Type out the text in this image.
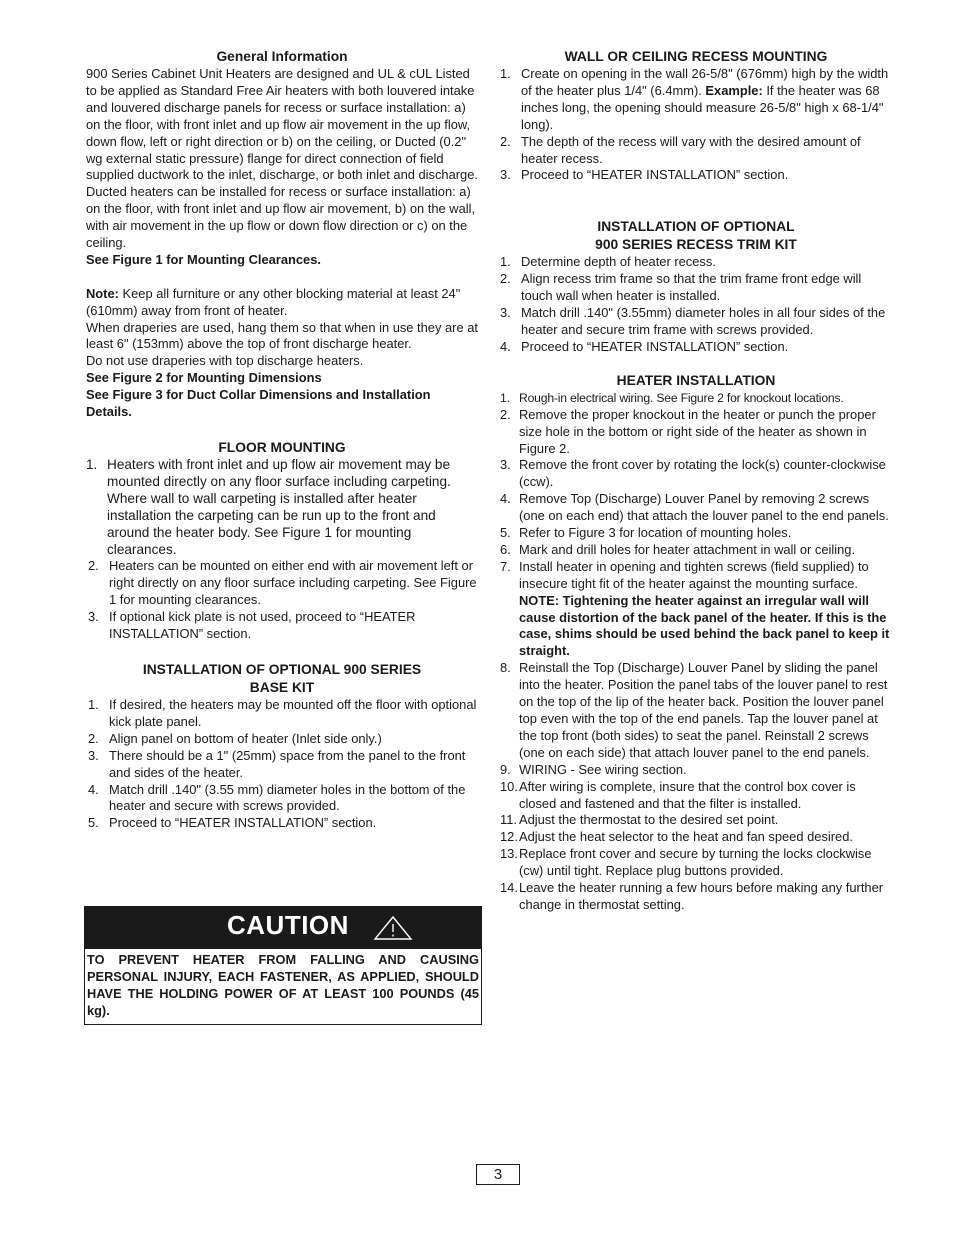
General Information

900 Series Cabinet Unit Heaters are designed and UL & cUL Listed to be applied as Standard Free Air heaters with both louvered intake and louvered discharge panels for recess or surface installation: a) on the floor, with front inlet and up flow air movement in the up flow, down flow, left or right direction or b) on the ceiling, or Ducted (0.2" wg external static pressure) flange for direct connection of field supplied ductwork to the inlet, discharge, or both inlet and discharge. Ducted heaters can be installed for recess or surface installation: a) on the floor, with front inlet and up flow air movement, b) on the wall, with air movement in the up flow or down flow direction or c) on the ceiling.

See Figure 1 for Mounting Clearances.

Note: Keep all furniture or any other blocking material at least 24" (610mm) away from front of heater.

When draperies are used, hang them so that when in use they are at least 6" (153mm) above the top of front discharge heater.

Do not use draperies with top discharge heaters.

See Figure 2 for Mounting Dimensions

See Figure 3 for Duct Collar Dimensions and Installation Details.

FLOOR MOUNTING
1. Heaters with front inlet and up flow air movement may be mounted directly on any floor surface including carpeting. Where wall to wall carpeting is installed after heater installation the carpeting can be run up to the front and around the heater body. See Figure 1 for mounting clearances.
2. Heaters can be mounted on either end with air movement left or right directly on any floor surface including carpeting. See Figure 1 for mounting clearances.
3. If optional kick plate is not used, proceed to “HEATER INSTALLATION” section.
INSTALLATION OF OPTIONAL 900 SERIES
BASE KIT
1. If desired, the heaters may be mounted off the floor with optional kick plate panel.
2. Align panel on bottom of heater (Inlet side only.)
3. There should be a 1" (25mm) space from the panel to the front and sides of the heater.
4. Match drill .140" (3.55 mm) diameter holes in the bottom of the heater and secure with screws provided.
5. Proceed to “HEATER INSTALLATION” section.
CAUTION
TO PREVENT HEATER FROM FALLING AND CAUSING PERSONAL INJURY, EACH FASTENER, AS APPLIED, SHOULD HAVE THE HOLDING POWER OF AT LEAST 100 POUNDS (45 kg).
WALL OR CEILING RECESS MOUNTING
1. Create on opening in the wall 26-5/8" (676mm) high by the width of the heater plus 1/4" (6.4mm). Example: If the heater was 68 inches long, the opening should measure 26-5/8" high x 68-1/4" long).
2. The depth of the recess will vary with the desired amount of heater recess.
3. Proceed to “HEATER INSTALLATION” section.
INSTALLATION OF OPTIONAL
900 SERIES RECESS TRIM KIT
1. Determine depth of heater recess.
2. Align recess trim frame so that the trim frame front edge will touch wall when heater is installed.
3. Match drill .140" (3.55mm) diameter holes in all four sides of the heater and secure trim frame with screws provided.
4. Proceed to “HEATER INSTALLATION” section.
HEATER INSTALLATION
1. Rough-in electrical wiring. See Figure 2 for knockout locations.
2. Remove the proper knockout in the heater or punch the proper size hole in the bottom or right side of the heater as shown in Figure 2.
3. Remove the front cover by rotating the lock(s) counter-clockwise (ccw).
4. Remove Top (Discharge) Louver Panel by removing 2 screws (one on each end) that attach the louver panel to the end panels.
5. Refer to Figure 3 for location of mounting holes.
6. Mark and drill holes for heater attachment in wall or ceiling.
7. Install heater in opening and tighten screws (field supplied) to insecure tight fit of the heater against the mounting surface.
NOTE: Tightening the heater against an irregular wall will cause distortion of the back panel of the heater. If this is the case, shims should be used behind the back panel to keep it straight.
8. Reinstall the Top (Discharge) Louver Panel by sliding the panel into the heater. Position the panel tabs of the louver panel to rest on the top of the lip of the heater back. Position the louver panel top even with the top of the end panels. Tap the louver panel at the top front (both sides) to seat the panel. Reinstall 2 screws (one on each side) that attach louver panel to the end panels.
9. WIRING - See wiring section.
10. After wiring is complete, insure that the control box cover is closed and fastened and that the filter is installed.
11. Adjust the thermostat to the desired set point.
12. Adjust the heat selector to the heat and fan speed desired.
13. Replace front cover and secure by turning the locks clockwise (cw) until tight. Replace plug buttons provided.
14. Leave the heater running a few hours before making any further change in thermostat setting.
3
